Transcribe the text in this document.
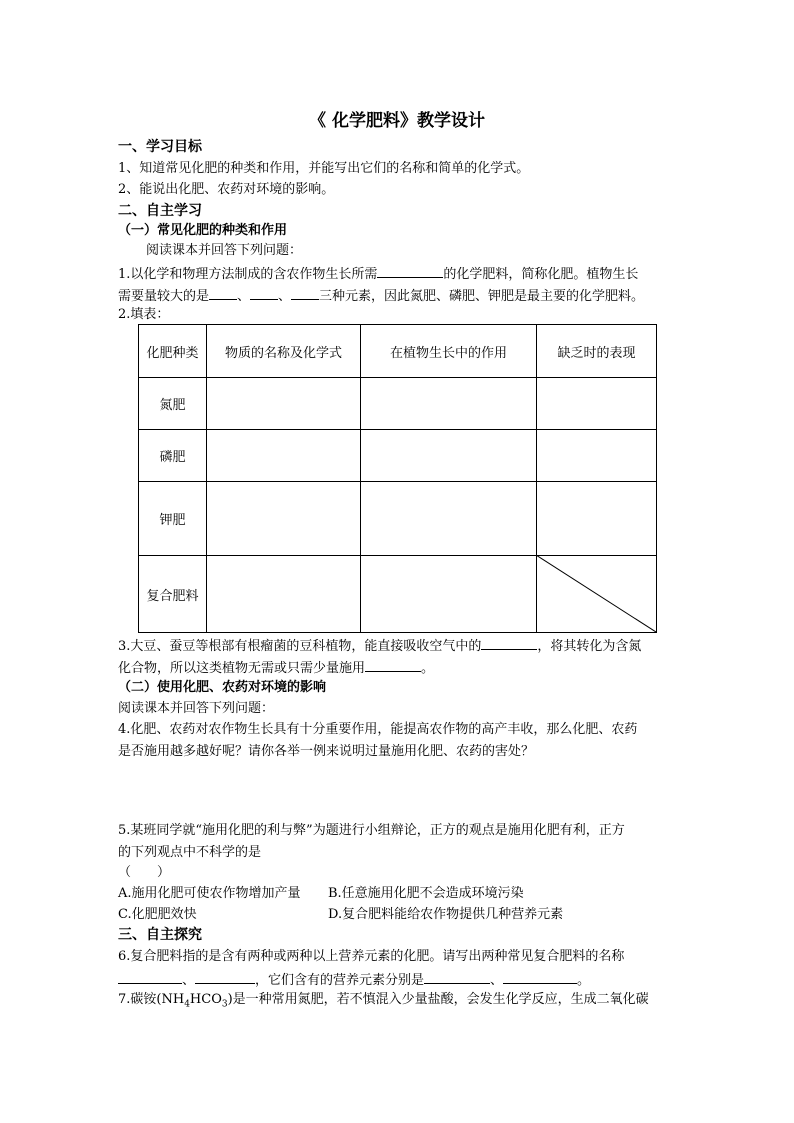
《 化学肥料》教学设计
一、学习目标
1、知道常见化肥的种类和作用，并能写出它们的名称和简单的化学式。
2、能说出化肥、农药对环境的影响。
二、自主学习
（一）常见化肥的种类和作用
阅读课本并回答下列问题：
1.以化学和物理方法制成的含农作物生长所需	的化学肥料，简称化肥。植物生长
需要量较大的是 、 、 三种元素，因此氮肥、磷肥、钾肥是最主要的化学肥料。
2.填表：
化肥种类	物质的名称及化学式	在植物生长中的作用	缺乏时的表现
氮肥			
磷肥			
钾肥			
复合肥料			
3.大豆、蚕豆等根部有根瘤菌的豆科植物，能直接吸收空气中的	，将其转化为含氮
化合物，所以这类植物无需或只需少量施用	。
（二）使用化肥、农药对环境的影响
阅读课本并回答下列问题：
4.化肥、农药对农作物生长具有十分重要作用，能提高农作物的高产丰收，那么化肥、农药
是否施用越多越好呢？请你各举一例来说明过量施用化肥、农药的害处？
5.某班同学就“施用化肥的利与弊”为题进行小组辩论，正方的观点是施用化肥有利，正方
的下列观点中不科学的是
（　　）
A.施用化肥可使农作物增加产量 B.任意施用化肥不会造成环境污染
C.化肥肥效快	D.复合肥料能给农作物提供几种营养元素
三、自主探究
6.复合肥料指的是含有两种或两种以上营养元素的化肥。请写出两种常见复合肥料的名称
、	，它们含有的营养元素分别是	、	。
7.碳铵$(NH_4HCO_3)$是一种常用氮肥，若不慎混入少量盐酸，会发生化学反应，生成二氧化碳
